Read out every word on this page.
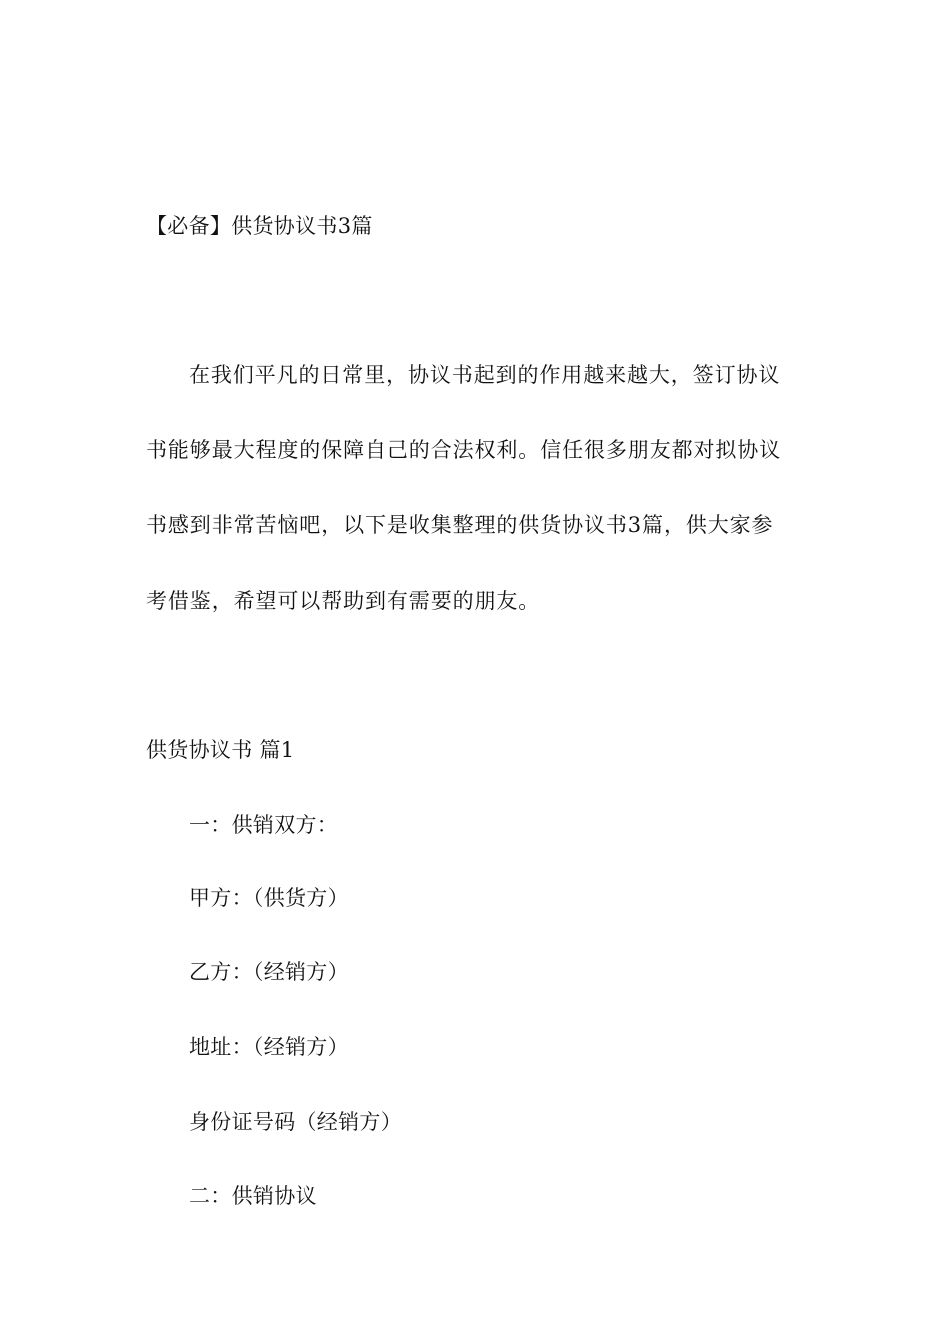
【必备】供货协议书3篇
在我们平凡的日常里，协议书起到的作用越来越大，签订协议
书能够最大程度的保障自己的合法权利。信任很多朋友都对拟协议
书感到非常苦恼吧，以下是收集整理的供货协议书3篇，供大家参
考借鉴，希望可以帮助到有需要的朋友。
供货协议书 篇1
一：供销双方：
甲方：（供货方）
乙方：（经销方）
地址：（经销方）
身份证号码（经销方）
二：供销协议
